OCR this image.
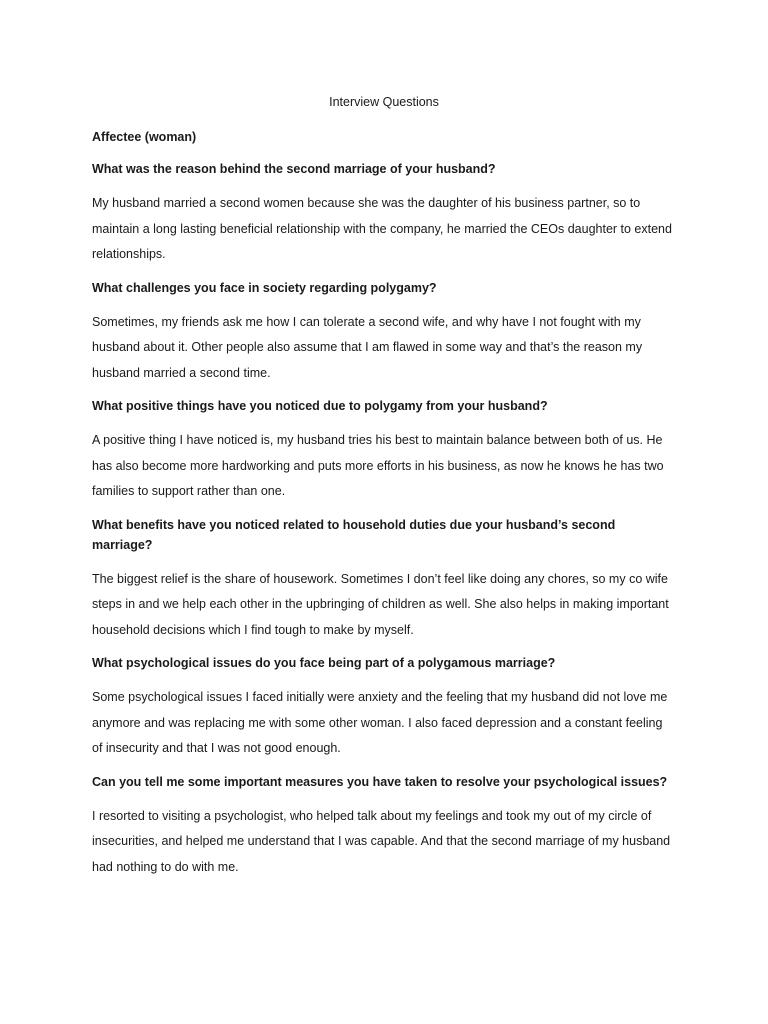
Interview Questions
Affectee (woman)

What was the reason behind the second marriage of your husband?

My husband married a second women because she was the daughter of his business partner, so to maintain a long lasting beneficial relationship with the company, he married the CEOs daughter to extend relationships.

What challenges you face in society regarding polygamy?

Sometimes, my friends ask me how I can tolerate a second wife, and why have I not fought with my husband about it. Other people also assume that I am flawed in some way and that’s the reason my husband married a second time.

What positive things have you noticed due to polygamy from your husband?

A positive thing I have noticed is, my husband tries his best to maintain balance between both of us. He has also become more hardworking and puts more efforts in his business, as now he knows he has two families to support rather than one.

What benefits have you noticed related to household duties due your husband’s second marriage?

The biggest relief is the share of housework. Sometimes I don’t feel like doing any chores, so my co wife steps in and we help each other in the upbringing of children as well. She also helps in making important household decisions which I find tough to make by myself.

What psychological issues do you face being part of a polygamous marriage?

Some psychological issues I faced initially were anxiety and the feeling that my husband did not love me anymore and was replacing me with some other woman. I also faced depression and a constant feeling of insecurity and that I was not good enough.

Can you tell me some important measures you have taken to resolve your psychological issues?

I resorted to visiting a psychologist, who helped talk about my feelings and took my out of my circle of insecurities, and helped me understand that I was capable. And that the second marriage of my husband had nothing to do with me.
